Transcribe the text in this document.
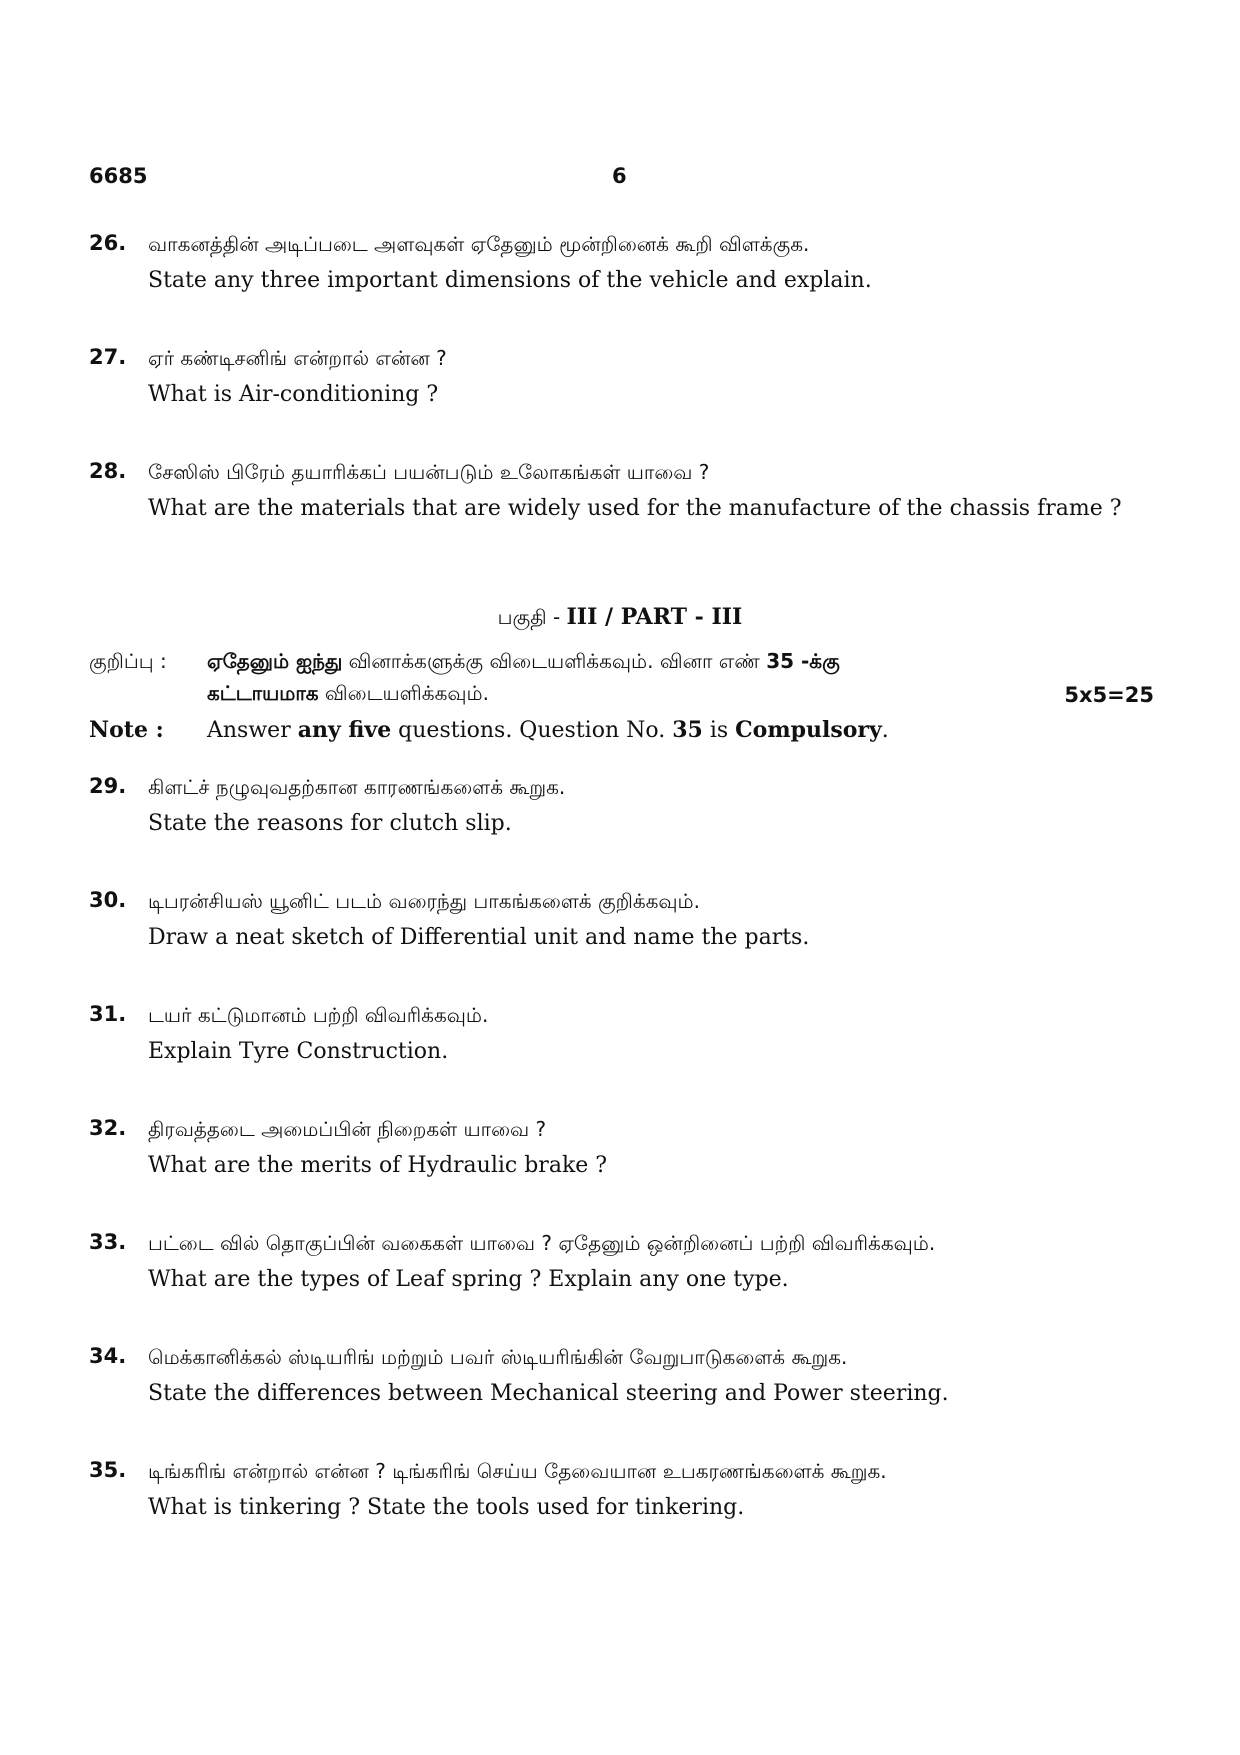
6685	6
26. வாகனத்தின் அடிப்படை அளவுகள் ஏதேனும் மூன்றினைக் கூறி விளக்குக.
State any three important dimensions of the vehicle and explain.
27. ஏர் கண்டிசனிங் என்றால் என்ன ?
What is Air-conditioning ?
28. சேஸிஸ் பிரேம் தயாரிக்கப் பயன்படும் உலோகங்கள் யாவை ?
What are the materials that are widely used for the manufacture of the chassis frame ?
பகுதி - III / PART - III
குறிப்பு : ஏதேனும் ஐந்து வினாக்களுக்கு விடையளிக்கவும். வினா எண் 35 -க்கு
கட்டாயமாக விடையளிக்கவும்.	5x5=25
Note : Answer any five questions. Question No. 35 is Compulsory.
29. கிளட்ச் நழுவுவதற்கான காரணங்களைக் கூறுக.
State the reasons for clutch slip.
30. டிபரன்சியஸ் யூனிட் படம் வரைந்து பாகங்களைக் குறிக்கவும்.
Draw a neat sketch of Differential unit and name the parts.
31. டயர் கட்டுமானம் பற்றி விவரிக்கவும்.
Explain Tyre Construction.
32. திரவத்தடை அமைப்பின் நிறைகள் யாவை ?
What are the merits of Hydraulic brake ?
33. பட்டை வில் தொகுப்பின் வகைகள் யாவை ? ஏதேனும் ஒன்றினைப் பற்றி விவரிக்கவும்.
What are the types of Leaf spring ? Explain any one type.
34. மெக்கானிக்கல் ஸ்டியரிங் மற்றும் பவர் ஸ்டியரிங்கின் வேறுபாடுகளைக் கூறுக.
State the differences between Mechanical steering and Power steering.
35. டிங்கரிங் என்றால் என்ன ? டிங்கரிங் செய்ய தேவையான உபகரணங்களைக் கூறுக.
What is tinkering ? State the tools used for tinkering.
